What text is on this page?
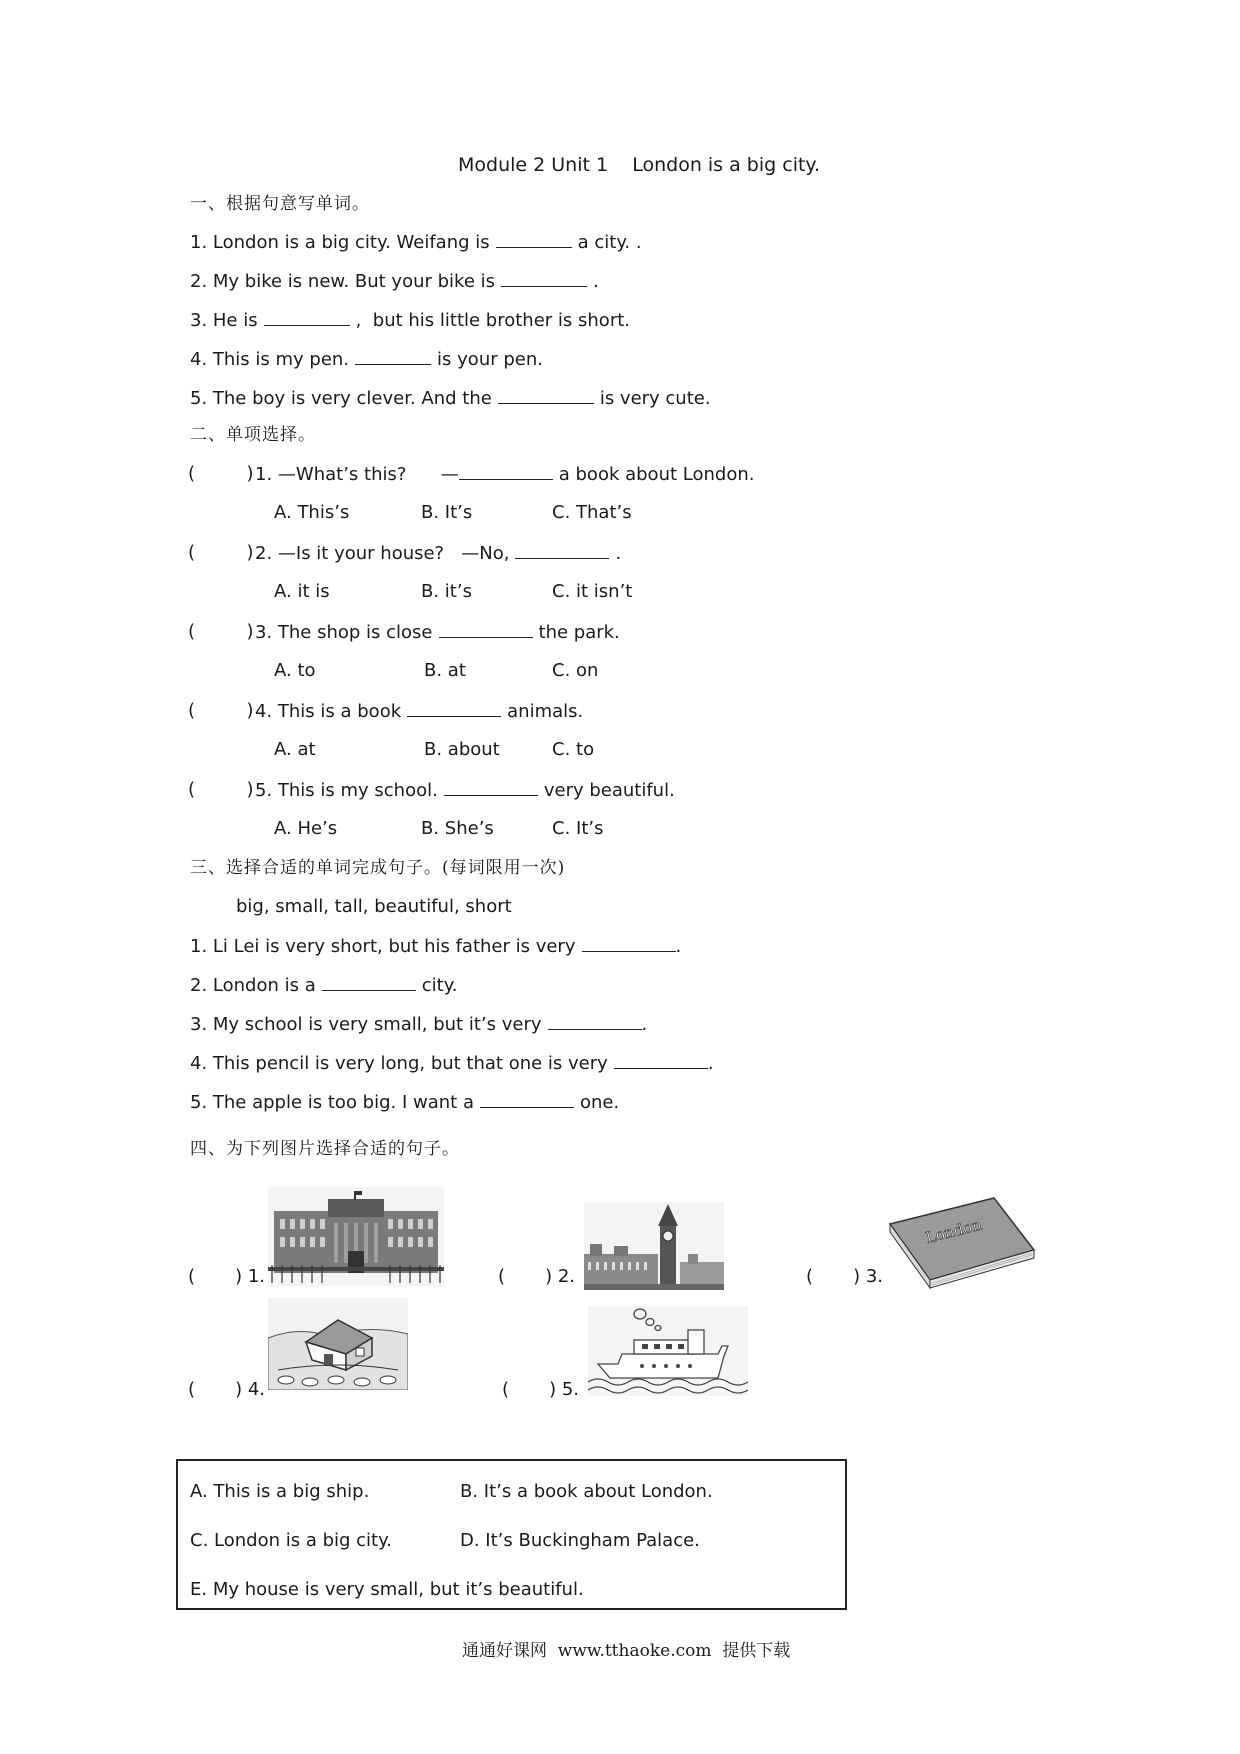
Module 2 Unit 1    London is a big city.
一、根据句意写单词。
1. London is a big city. Weifang is	a city. .
2. My bike is new. But your bike is	.
3. He is	,  but his little brother is short.
4. This is my pen.	is your pen.
5. The boy is very clever. And the	is very cute.
二、单项选择。
(         ) 1. —What’s this?      —	a book about London.
A. This’s	B. It’s	C. That’s
(         ) 2. —Is it your house?   —No,	.
A. it is	B. it’s	C. it isn’t
(         ) 3. The shop is close	the park.
A. to	B. at	C. on
(         ) 4. This is a book	animals.
A. at	B. about	C. to
(         ) 5. This is my school.	very beautiful.
A. He’s	B. She’s	C. It’s
三、选择合适的单词完成句子。(每词限用一次)
big, small, tall, beautiful, short
1. Li Lei is very short, but his father is very	.
2. London is a	city.
3. My school is very small, but it’s very	.
4. This pencil is very long, but that one is very	.
5. The apple is too big. I want a	one.
四、为下列图片选择合适的句子。
(       ) 1.	(       ) 2.	(       ) 3.
(       ) 4.	(       ) 5.
London
A. This is a big ship.	B. It’s a book about London.
C. London is a big city.	D. It’s Buckingham Palace.
E. My house is very small, but it’s beautiful.
通通好课网  www.tthaoke.com  提供下载
